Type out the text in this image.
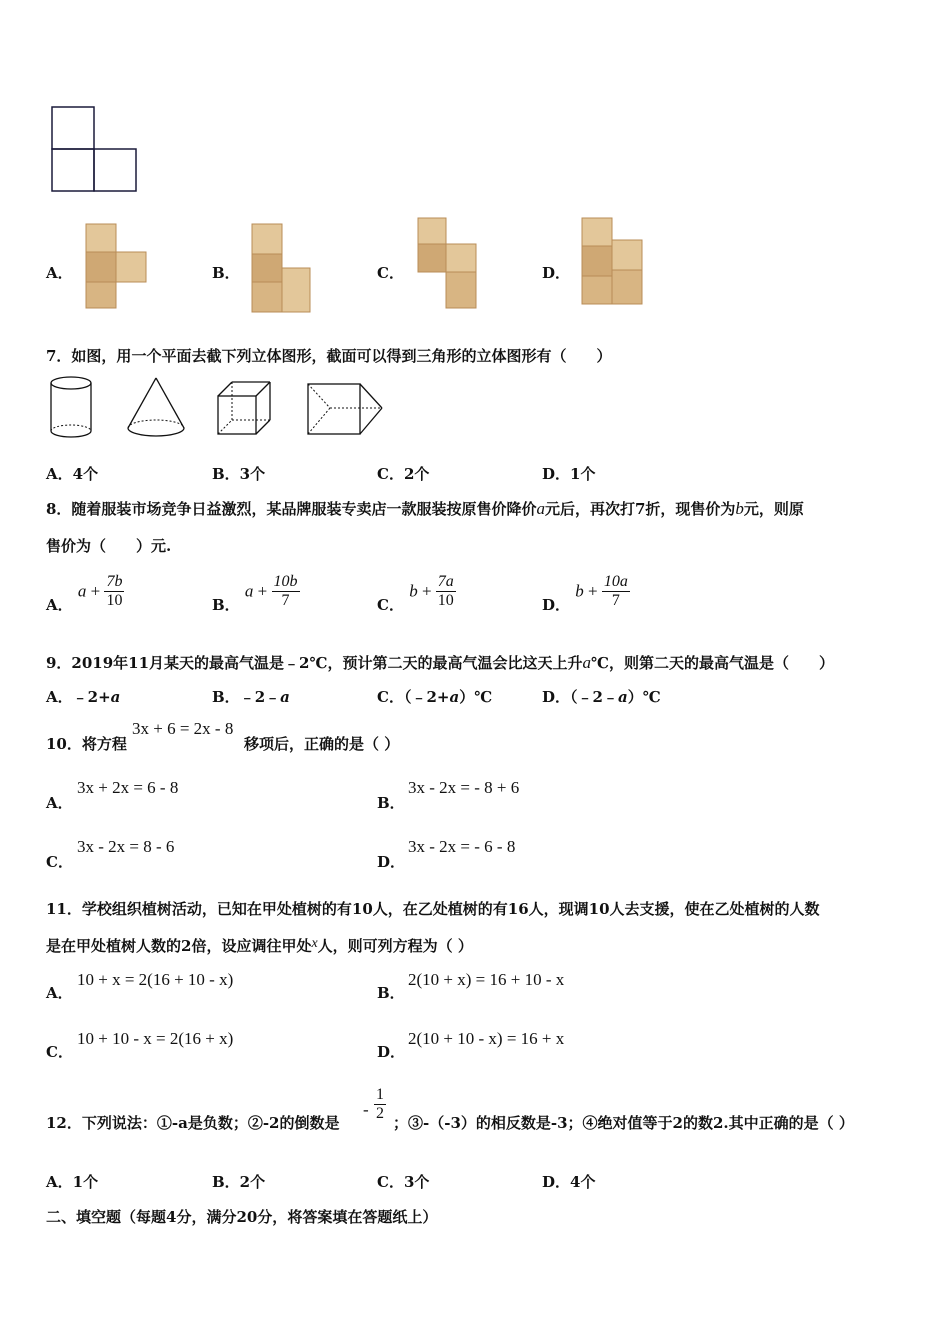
A．	B．	C．	D．
7．如图，用一个平面去截下列立体图形，截面可以得到三角形的立体图形有（　　）
A．4个	B．3个	C．2个	D．1个
8．随着服装市场竞争日益激烈，某品牌服装专卖店一款服装按原售价降价a元后，再次打7折，现售价为b元，则原
售价为（　　）元.
A． $a + \frac{7b}{10}$	B． $a + \frac{10b}{7}$	C． $b + \frac{7a}{10}$	D． $b + \frac{10a}{7}$
9．2019年11月某天的最高气温是﹣2℃，预计第二天的最高气温会比这天上升a℃，则第二天的最高气温是（　　）
A．﹣2+a	B．﹣2﹣a	C．（﹣2+a）℃	D．（﹣2﹣a）℃
10．将方程
3x + 6 = 2x - 8
移项后，正确的是（ ）
A．
3x + 2x = 6 - 8
B．
3x - 2x = - 8 + 6
C．
3x - 2x = 8 - 6
D．
3x - 2x = - 6 - 8
11．学校组织植树活动，已知在甲处植树的有10人，在乙处植树的有16人，现调10人去支援，使在乙处植树的人数
是在甲处植树人数的2倍，设应调往甲处x人，则可列方程为（ ）
A．
10 + x = 2(16 + 10 - x)
B．
2(10 + x) = 16 + 10 - x
C．
10 + 10 - x = 2(16 + x)
D．
2(10 + 10 - x) = 16 + x
12．下列说法：①-a是负数；②-2的倒数是
- $\frac{1}{2}$ ；③-（-3）的相反数是-3；④绝对值等于2的数2.其中正确的是（ ）
A．1个	B．2个	C．3个	D．4个
二、填空题（每题4分，满分20分，将答案填在答题纸上）
